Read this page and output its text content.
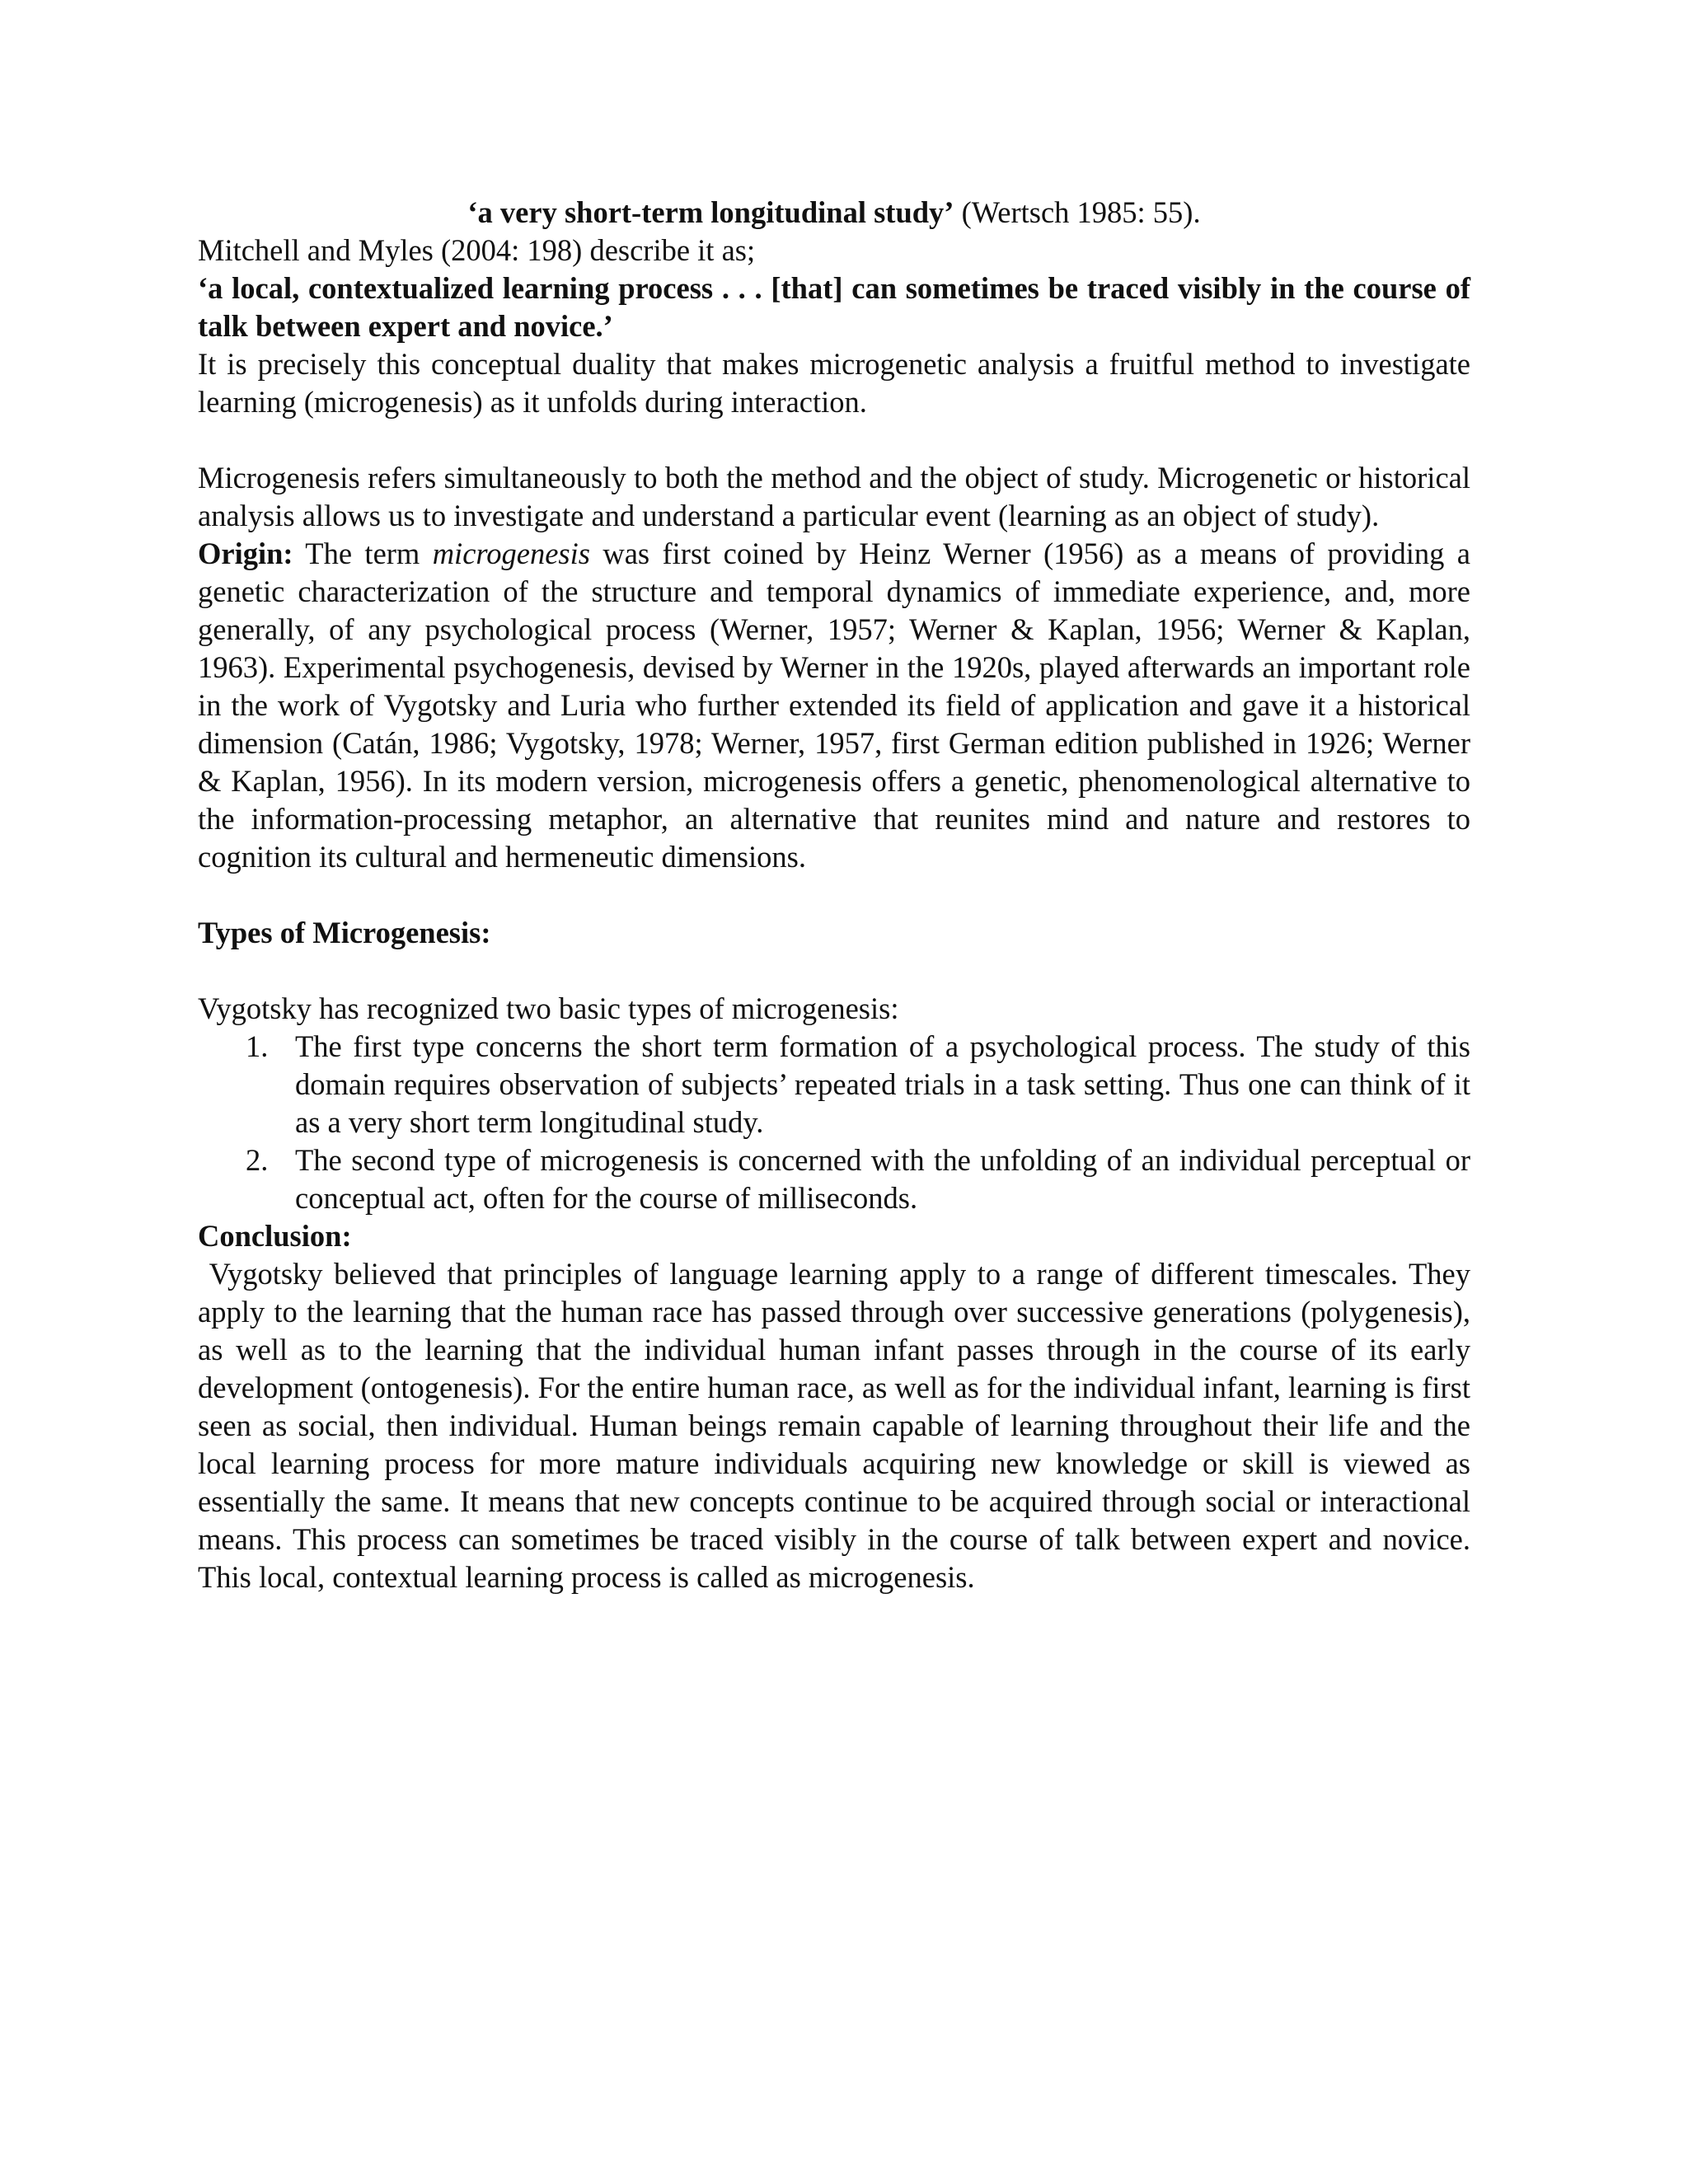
‘a very short-term longitudinal study’ (Wertsch 1985: 55).

Mitchell and Myles (2004: 198) describe it as;

‘a local, contextualized learning process . . . [that] can sometimes be traced visibly in the course of talk between expert and novice.’

It is precisely this conceptual duality that makes microgenetic analysis a fruitful method to investigate learning (microgenesis) as it unfolds during interaction.

Microgenesis refers simultaneously to both the method and the object of study. Microgenetic or historical analysis allows us to investigate and understand a particular event (learning as an object of study).

Origin: The term microgenesis was first coined by Heinz Werner (1956) as a means of providing a genetic characterization of the structure and temporal dynamics of immediate experience, and, more generally, of any psychological process (Werner, 1957; Werner & Kaplan, 1956; Werner & Kaplan, 1963). Experimental psychogenesis, devised by Werner in the 1920s, played afterwards an important role in the work of Vygotsky and Luria who further extended its field of application and gave it a historical dimension (Catán, 1986; Vygotsky, 1978; Werner, 1957, first German edition published in 1926; Werner & Kaplan, 1956). In its modern version, microgenesis offers a genetic, phenomenological alternative to the information-processing metaphor, an alternative that reunites mind and nature and restores to cognition its cultural and hermeneutic dimensions.

Types of Microgenesis:

Vygotsky has recognized two basic types of microgenesis:

1. The first type concerns the short term formation of a psychological process. The study of this domain requires observation of subjects’ repeated trials in a task setting. Thus one can think of it as a very short term longitudinal study.
2. The second type of microgenesis is concerned with the unfolding of an individual perceptual or conceptual act, often for the course of milliseconds.

Conclusion:

Vygotsky believed that principles of language learning apply to a range of different timescales. They apply to the learning that the human race has passed through over successive generations (polygenesis), as well as to the learning that the individual human infant passes through in the course of its early development (ontogenesis). For the entire human race, as well as for the individual infant, learning is first seen as social, then individual. Human beings remain capable of learning throughout their life and the local learning process for more mature individuals acquiring new knowledge or skill is viewed as essentially the same. It means that new concepts continue to be acquired through social or interactional means. This process can sometimes be traced visibly in the course of talk between expert and novice. This local, contextual learning process is called as microgenesis.
